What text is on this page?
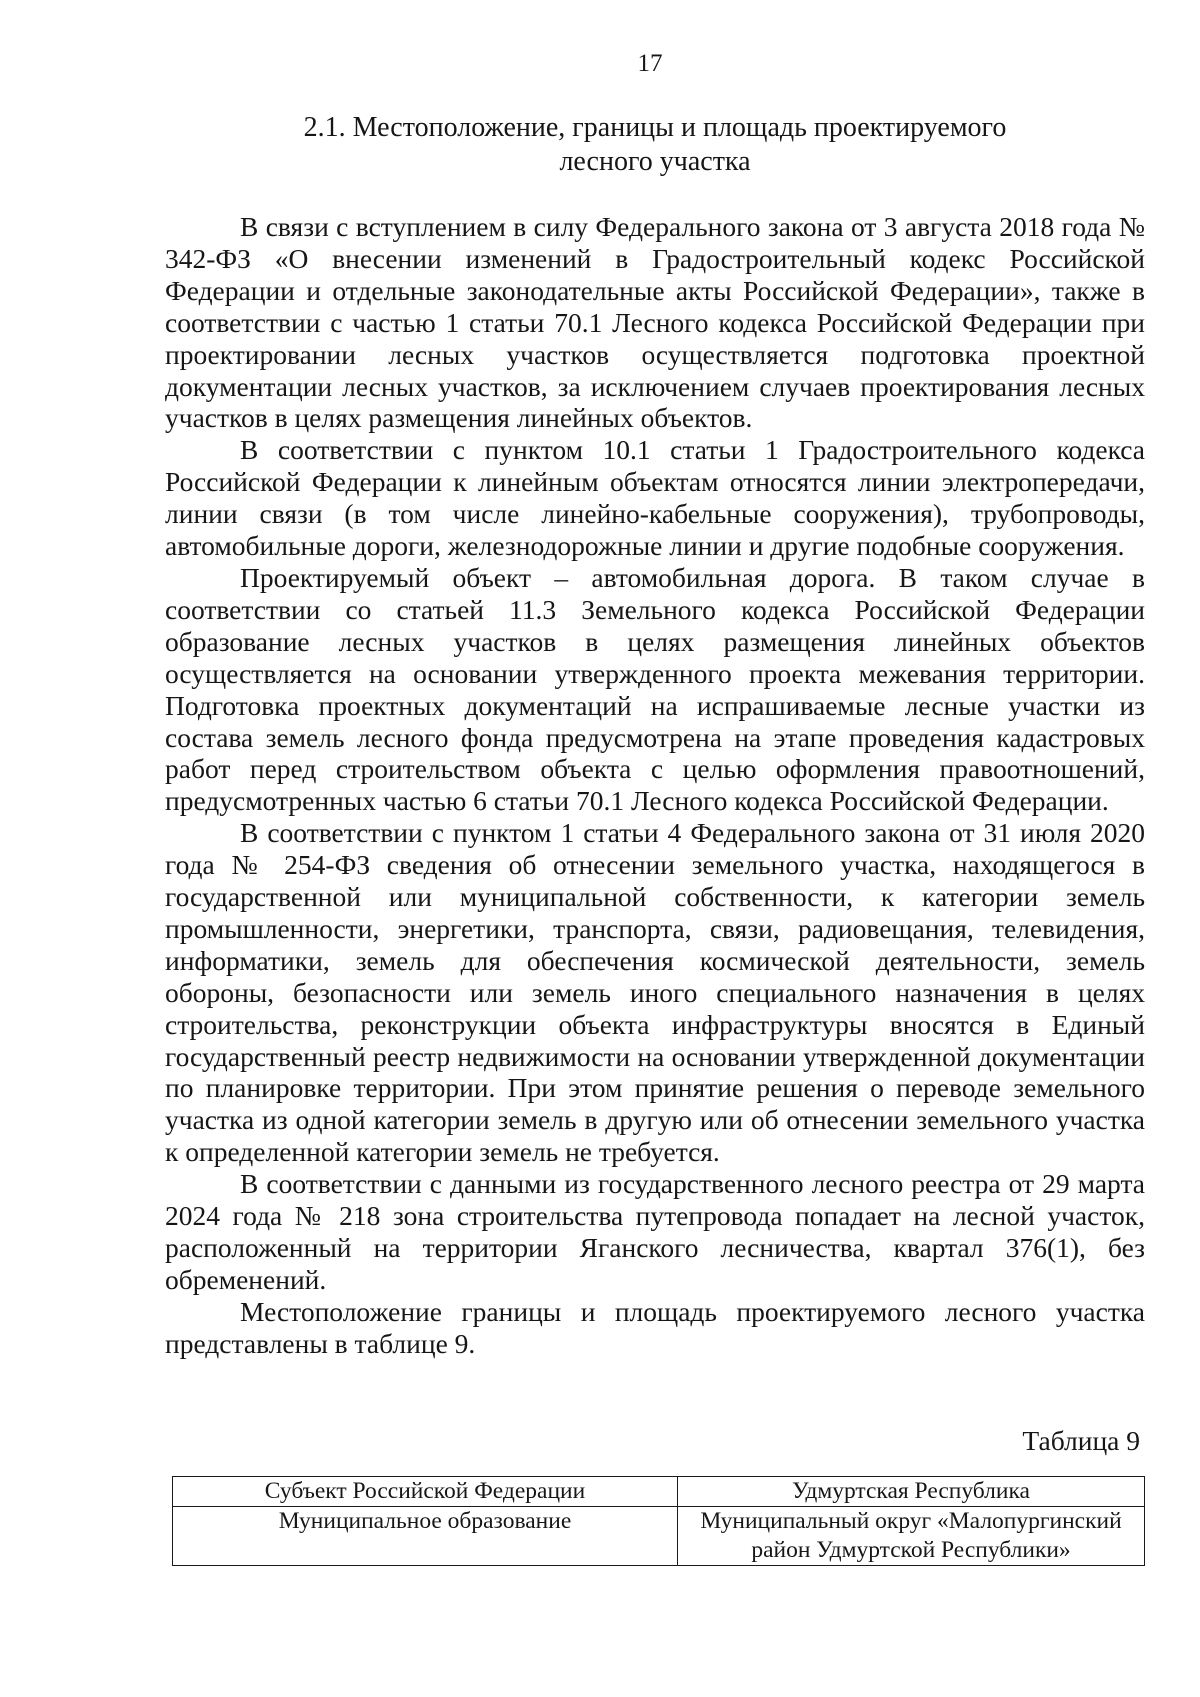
17
2.1. Местоположение, границы и площадь проектируемого
лесного участка

В связи с вступлением в силу Федерального закона от 3 августа 2018 года № 342-ФЗ «О внесении изменений в Градостроительный кодекс Российской Федерации и отдельные законодательные акты Российской Федерации», также в соответствии с частью 1 статьи 70.1 Лесного кодекса Российской Федерации при проектировании лесных участков осуществляется подготовка проектной документации лесных участков, за исключением случаев проектирования лесных участков в целях размещения линейных объектов.

В соответствии с пунктом 10.1 статьи 1 Градостроительного кодекса Российской Федерации к линейным объектам относятся линии электропередачи, линии связи (в том числе линейно-кабельные сооружения), трубопроводы, автомобильные дороги, железнодорожные линии и другие подобные сооружения.

Проектируемый объект – автомобильная дорога. В таком случае в соответствии со статьей 11.3 Земельного кодекса Российской Федерации образование лесных участков в целях размещения линейных объектов осуществляется на основании утвержденного проекта межевания территории. Подготовка проектных документаций на испрашиваемые лесные участки из состава земель лесного фонда предусмотрена на этапе проведения кадастровых работ перед строительством объекта с целью оформления правоотношений, предусмотренных частью 6 статьи 70.1 Лесного кодекса Российской Федерации.

В соответствии с пунктом 1 статьи 4 Федерального закона от 31 июля 2020 года № 254-ФЗ сведения об отнесении земельного участка, находящегося в государственной или муниципальной собственности, к категории земель промышленности, энергетики, транспорта, связи, радиовещания, телевидения, информатики, земель для обеспечения космической деятельности, земель обороны, безопасности или земель иного специального назначения в целях строительства, реконструкции объекта инфраструктуры вносятся в Единый государственный реестр недвижимости на основании утвержденной документации по планировке территории. При этом принятие решения о переводе земельного участка из одной категории земель в другую или об отнесении земельного участка к определенной категории земель не требуется.

В соответствии с данными из государственного лесного реестра от 29 марта 2024 года № 218 зона строительства путепровода попадает на лесной участок, расположенный на территории Яганского лесничества, квартал 376(1), без обременений.

Местоположение границы и площадь проектируемого лесного участка представлены в таблице 9.

Таблица 9

Субъект Российской Федерации	Удмуртская Республика
Муниципальное образование	Муниципальный округ «Малопургинский район Удмуртской Республики»
